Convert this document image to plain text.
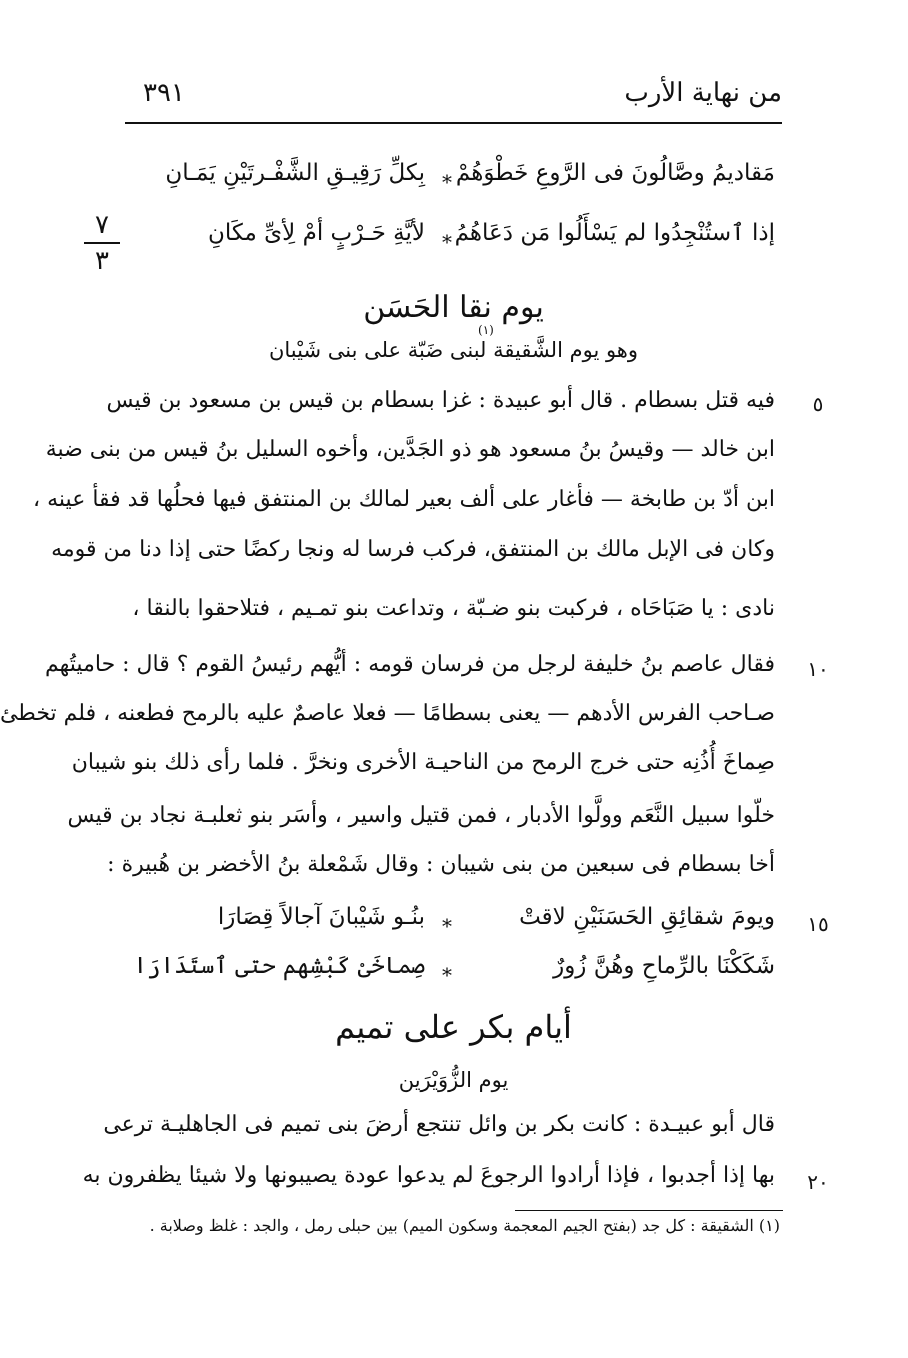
من نهاية الأرب
٣٩١
مَقاديمُ وصَّالُونَ فى الرَّوعِ خَطْوَهُمْ
*
بِكلِّ رَقِيـقِ الشَّفْـرتَيْنِ يَمَـانِ
إذا ٱستُنْجِدُوا لم يَسْأَلُوا مَن دَعَاهُمُ
*
لأيَّةِ حَـرْبٍ أمْ لِأىِّ مكَانِ
٧
٣
يوم نقا الحَسَن
(١)
وهو يوم الشَّقيقة لبنى ضَبّة على بنى شَيْبان
فيه قتل بسطام . قال أبو عبيدة : غزا بسطام بن قيس بن مسعود بن قيس
ابن خالد — وقيسُ بنُ مسعود هو ذو الجَدَّين، وأخوه السليل بنُ قيس من بنى ضبة
ابن أدّ بن طابخة — فأغار على ألف بعير لمالك بن المنتفق فيها فحلُها قد فقأ عينه ،
وكان فى الإبل مالك بن المنتفق، فركب فرسا له ونجا ركضًا حتى إذا دنا من قومه
نادى : يا صَبَاحَاه ، فركبت بنو ضـبّة ، وتداعت بنو تمـيم ، فتلاحقوا بالنقا ،
فقال عاصم بنُ خليفة لرجل من فرسان قومه : أيُّهم رئيسُ القوم ؟ قال : حاميتُهم
صـاحب الفرس الأدهم — يعنى بسطامًا — فعلا عاصمٌ عليه بالرمح فطعنه ، فلم تخطئ
صِماخَ أُذُنِه حتى خرج الرمح من الناحيـة الأخرى ونخرَّ . فلما رأى ذلك بنو شيبان
خلّوا سبيل النَّعَم وولَّوا الأدبار ، فمن قتيل واسير ، وأسَر بنو ثعلبـة نجاد بن قيس
أخا بسطام فى سبعين من بنى شيبان : وقال شَمْعلة بنُ الأخضر بن هُبيرة :
ويومَ شقائِقِ الحَسَنَيْنِ لاقتْ
*
بنُـو شَيْبانَ آجالاً قِصَارَا
شَكَكْنَا بالرِّماحِ وهُنَّ زُورٌ
*
صِماخَىْ كَبْشِهم حتى ٱستَدَارَا
أيام بكر على تميم
يوم الزُّوَيْرَين
قال أبو عبيـدة : كانت بكر بن وائل تنتجع أرضَ بنى تميم فى الجاهليـة ترعى
بها إذا أجدبوا ، فإذا أرادوا الرجوعَ لم يدعوا عودة يصيبونها ولا شيئا يظفرون به
٥
١٠
١٥
٢٠
(١) الشقيقة : كل جد (بفتح الجيم المعجمة وسكون الميم) بين حبلى رمل ، والجد : غلظ وصلابة .
